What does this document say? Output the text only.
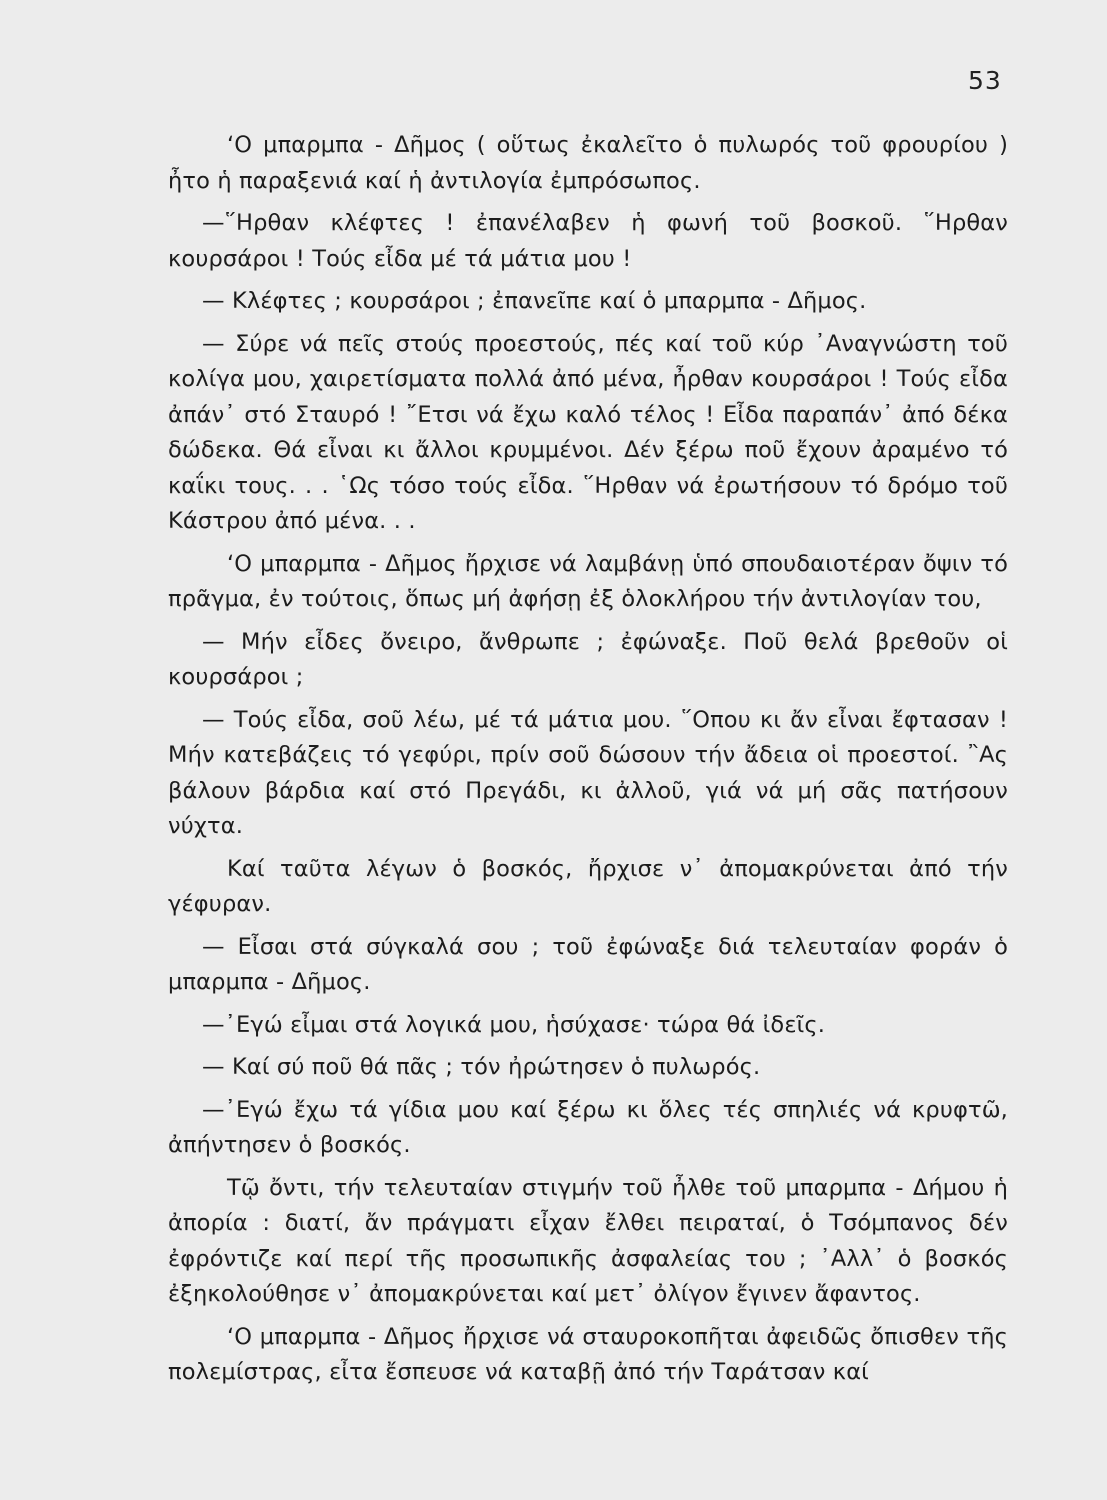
53

ʻΟ μπαρμπα - Δῆμος ( οὕτως ἐκαλεῖτο ὁ πυλωρός τοῦ φρουρίου ) ἦτο ἡ παραξενιά καί ἡ ἀντιλογία ἐμπρόσωπος.

—῞Ηρθαν κλέφτες ! ἐπανέλαβεν ἡ φωνή τοῦ βοσκοῦ. ῞Ηρθαν κουρσάροι ! Τούς εἶδα μέ τά μάτια μου !

— Κλέφτες ; κουρσάροι ; ἐπανεῖπε καί ὁ μπαρμπα - Δῆμος.

— Σύρε νά πεῖς στούς προεστούς, πές καί τοῦ κύρ ᾿Αναγνώστη τοῦ κολίγα μου, χαιρετίσματα πολλά ἀπό μένα, ἦρθαν κουρσάροι ! Τούς εἶδα ἀπάν᾿ στό Σταυρό ! ῎Ετσι νά ἔχω καλό τέλος ! Εἶδα παραπάν᾿ ἀπό δέκα δώδεκα. Θά εἶναι κι ἄλλοι κρυμμένοι. Δέν ξέρω ποῦ ἔχουν ἀραμένο τό καΐκι τους. . . ῾Ως τόσο τούς εἶδα. ῞Ηρθαν νά ἐρωτήσουν τό δρόμο τοῦ Κάστρου ἀπό μένα. . .

ʻΟ μπαρμπα - Δῆμος ἤρχισε νά λαμβάνῃ ὑπό σπουδαιοτέραν ὄψιν τό πρᾶγμα, ἐν τούτοις, ὅπως μή ἀφήσῃ ἐξ ὁλοκλήρου τήν ἀντιλογίαν του,

— Μήν εἶδες ὄνειρο, ἄνθρωπε ; ἐφώναξε. Ποῦ θελά βρεθοῦν οἱ κουρσάροι ;

— Τούς εἶδα, σοῦ λέω, μέ τά μάτια μου. ῞Οπου κι ἄν εἶναι ἔφτασαν ! Μήν κατεβάζεις τό γεφύρι, πρίν σοῦ δώσουν τήν ἄδεια οἱ προεστοί. ῍Ας βάλουν βάρδια καί στό Πρεγάδι, κι ἀλλοῦ, γιά νά μή σᾶς πατήσουν νύχτα.

Καί ταῦτα λέγων ὁ βοσκός, ἤρχισε ν᾿ ἀπομακρύνεται ἀπό τήν γέφυραν.

— Εἶσαι στά σύγκαλά σου ; τοῦ ἐφώναξε διά τελευταίαν φοράν ὁ μπαρμπα - Δῆμος.

—᾿Εγώ εἶμαι στά λογικά μου, ἡσύχασε· τώρα θά ἰδεῖς.

— Καί σύ ποῦ θά πᾶς ; τόν ἠρώτησεν ὁ πυλωρός.

—᾿Εγώ ἔχω τά γίδια μου καί ξέρω κι ὅλες τές σπηλιές νά κρυφτῶ, ἀπήντησεν ὁ βοσκός.

Τῷ ὄντι, τήν τελευταίαν στιγμήν τοῦ ἦλθε τοῦ μπαρμπα - Δήμου ἡ ἀπορία : διατί, ἄν πράγματι εἶχαν ἔλθει πειραταί, ὁ Τσόμπανος δέν ἐφρόντιζε καί περί τῆς προσωπικῆς ἀσφαλείας του ; ᾿Αλλ᾿ ὁ βοσκός ἐξηκολούθησε ν᾿ ἀπομακρύνεται καί μετ᾿ ὀλίγον ἔγινεν ἄφαντος.

ʻΟ μπαρμπα - Δῆμος ἤρχισε νά σταυροκοπῆται ἀφειδῶς ὄπισθεν τῆς πολεμίστρας, εἶτα ἔσπευσε νά καταβῇ ἀπό τήν Ταράτσαν καί
